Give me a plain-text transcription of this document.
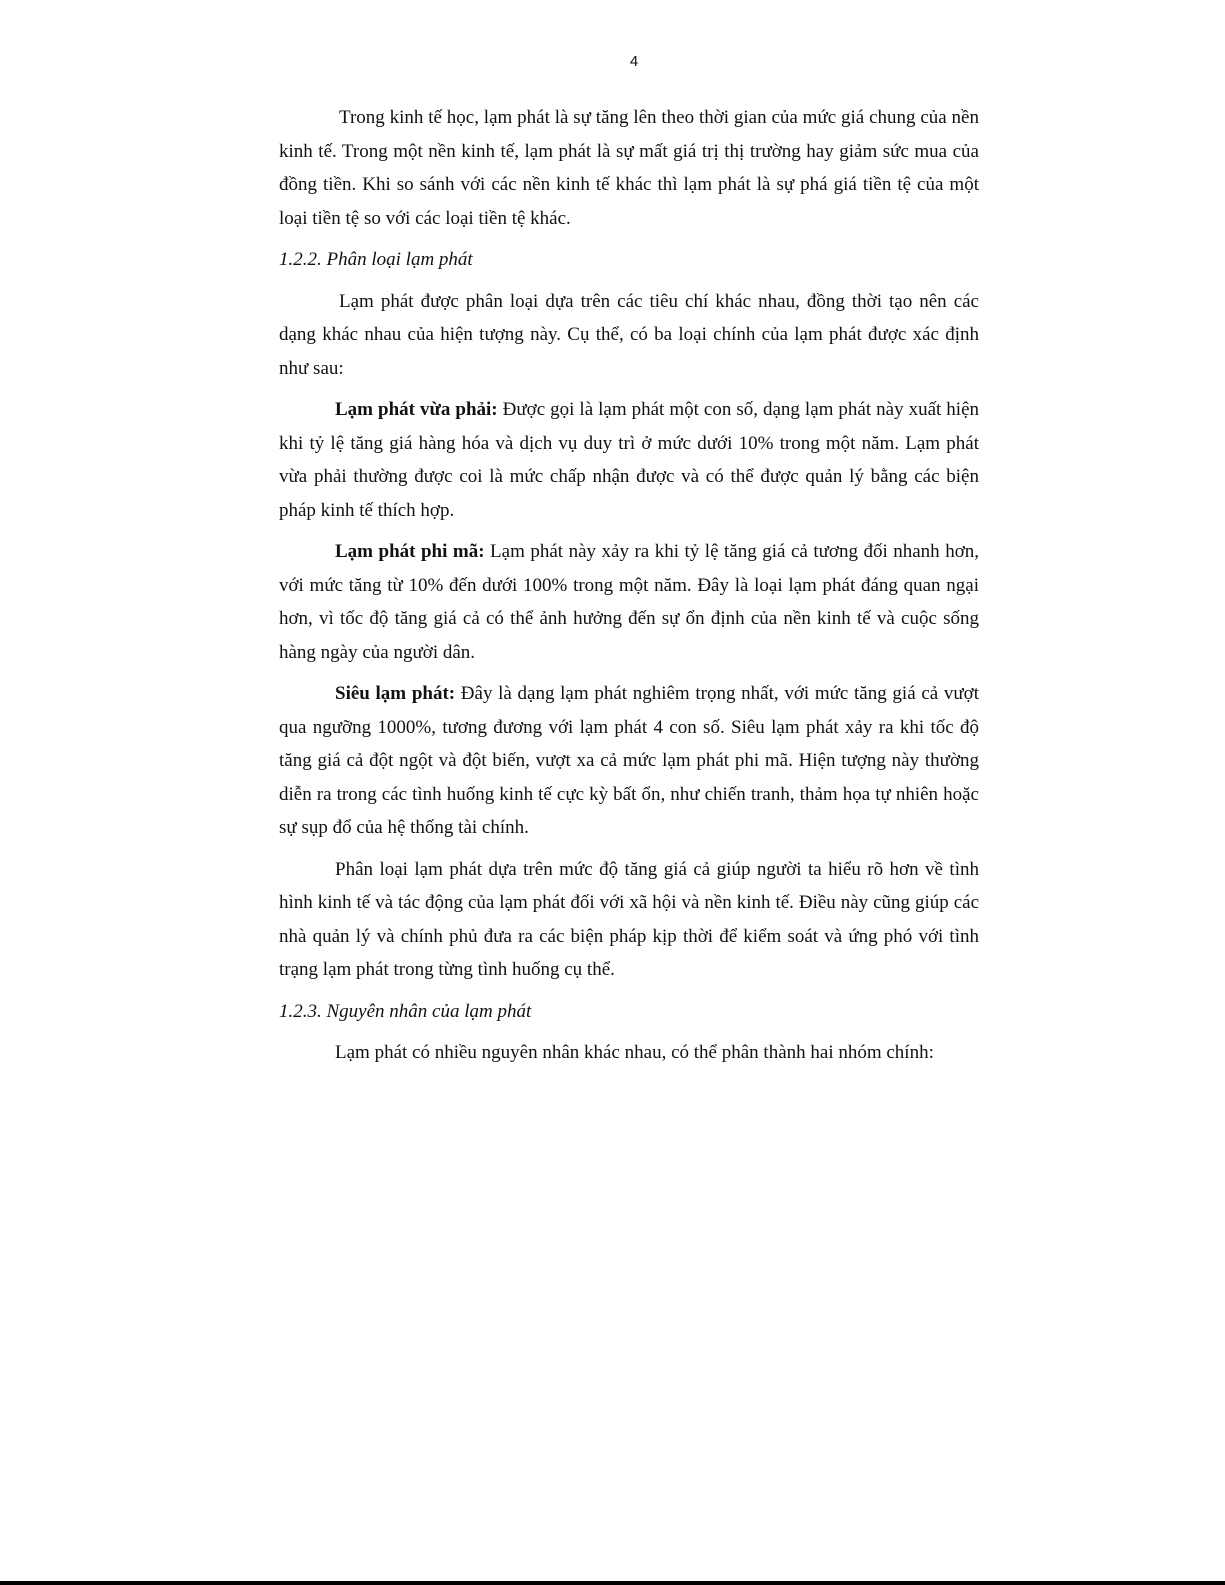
4

Trong kinh tế học, lạm phát là sự tăng lên theo thời gian của mức giá chung của nền kinh tế. Trong một nền kinh tế, lạm phát là sự mất giá trị thị trường hay giảm sức mua của đồng tiền. Khi so sánh với các nền kinh tế khác thì lạm phát là sự phá giá tiền tệ của một loại tiền tệ so với các loại tiền tệ khác.

1.2.2. Phân loại lạm phát

Lạm phát được phân loại dựa trên các tiêu chí khác nhau, đồng thời tạo nên các dạng khác nhau của hiện tượng này. Cụ thể, có ba loại chính của lạm phát được xác định như sau:

Lạm phát vừa phải: Được gọi là lạm phát một con số, dạng lạm phát này xuất hiện khi tỷ lệ tăng giá hàng hóa và dịch vụ duy trì ở mức dưới 10% trong một năm. Lạm phát vừa phải thường được coi là mức chấp nhận được và có thể được quản lý bằng các biện pháp kinh tế thích hợp.

Lạm phát phi mã: Lạm phát này xảy ra khi tỷ lệ tăng giá cả tương đối nhanh hơn, với mức tăng từ 10% đến dưới 100% trong một năm. Đây là loại lạm phát đáng quan ngại hơn, vì tốc độ tăng giá cả có thể ảnh hưởng đến sự ổn định của nền kinh tế và cuộc sống hàng ngày của người dân.

Siêu lạm phát: Đây là dạng lạm phát nghiêm trọng nhất, với mức tăng giá cả vượt qua ngưỡng 1000%, tương đương với lạm phát 4 con số. Siêu lạm phát xảy ra khi tốc độ tăng giá cả đột ngột và đột biến, vượt xa cả mức lạm phát phi mã. Hiện tượng này thường diễn ra trong các tình huống kinh tế cực kỳ bất ổn, như chiến tranh, thảm họa tự nhiên hoặc sự sụp đổ của hệ thống tài chính.

Phân loại lạm phát dựa trên mức độ tăng giá cả giúp người ta hiểu rõ hơn về tình hình kinh tế và tác động của lạm phát đối với xã hội và nền kinh tế. Điều này cũng giúp các nhà quản lý và chính phủ đưa ra các biện pháp kịp thời để kiểm soát và ứng phó với tình trạng lạm phát trong từng tình huống cụ thể.

1.2.3. Nguyên nhân của lạm phát

Lạm phát có nhiều nguyên nhân khác nhau, có thể phân thành hai nhóm chính:
